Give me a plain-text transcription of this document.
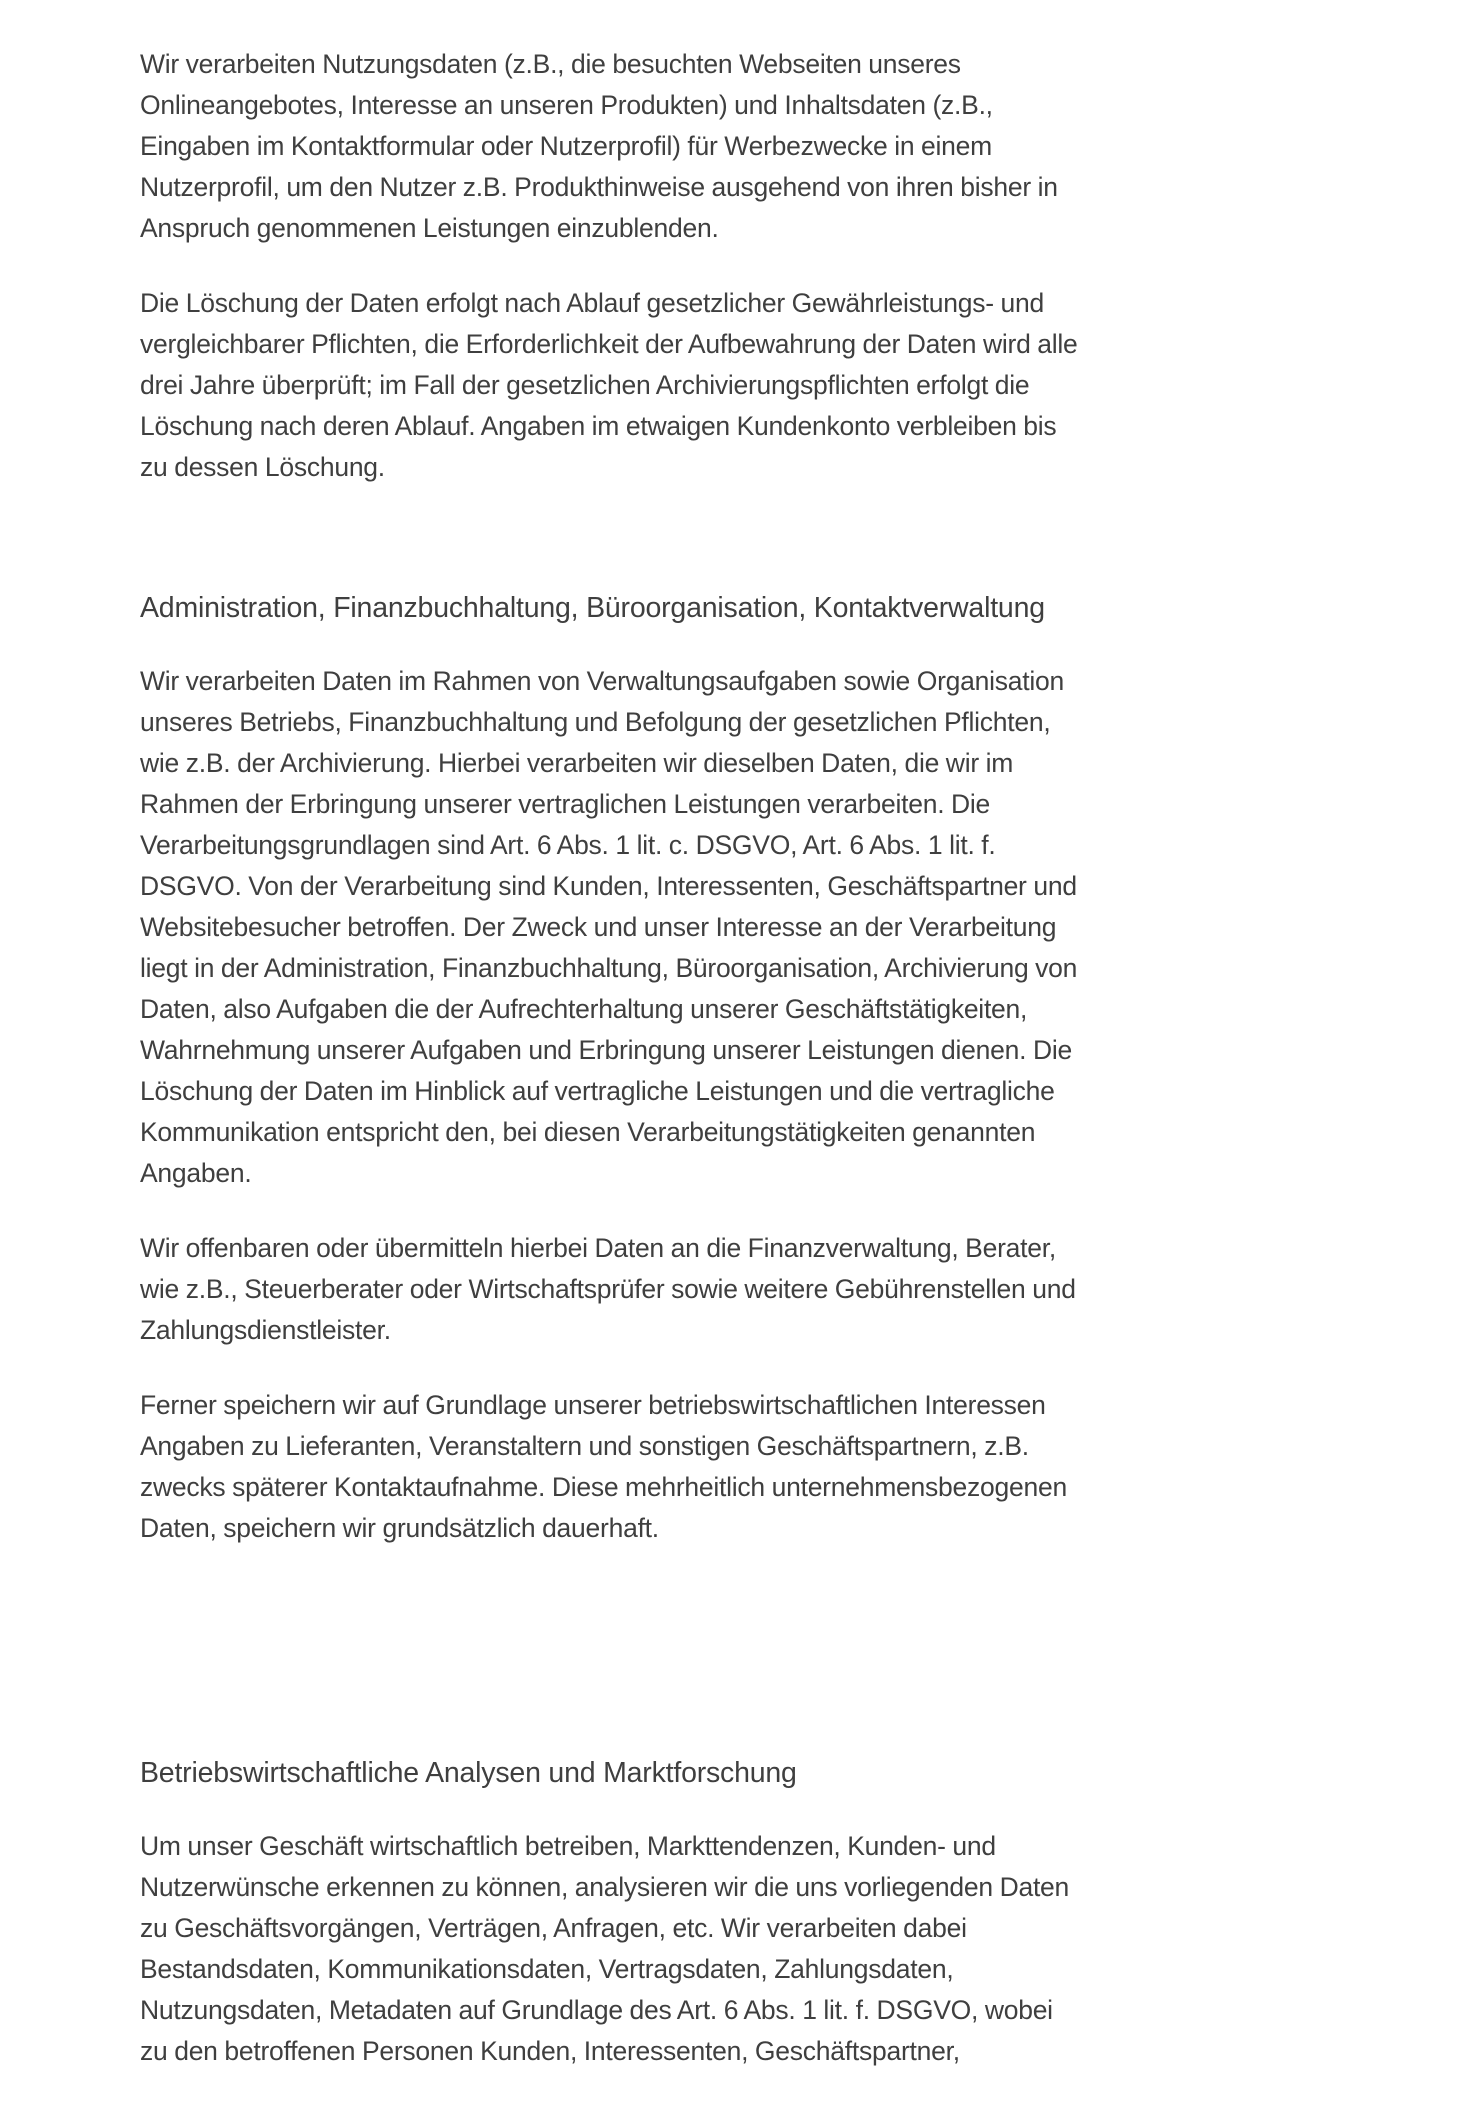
Wir verarbeiten Nutzungsdaten (z.B., die besuchten Webseiten unseres Onlineangebotes, Interesse an unseren Produkten) und Inhaltsdaten (z.B., Eingaben im Kontaktformular oder Nutzerprofil) für Werbezwecke in einem Nutzerprofil, um den Nutzer z.B. Produkthinweise ausgehend von ihren bisher in Anspruch genommenen Leistungen einzublenden.

Die Löschung der Daten erfolgt nach Ablauf gesetzlicher Gewährleistungs- und vergleichbarer Pflichten, die Erforderlichkeit der Aufbewahrung der Daten wird alle drei Jahre überprüft; im Fall der gesetzlichen Archivierungspflichten erfolgt die Löschung nach deren Ablauf. Angaben im etwaigen Kundenkonto verbleiben bis zu dessen Löschung.

Administration, Finanzbuchhaltung, Büroorganisation, Kontaktverwaltung

Wir verarbeiten Daten im Rahmen von Verwaltungsaufgaben sowie Organisation unseres Betriebs, Finanzbuchhaltung und Befolgung der gesetzlichen Pflichten, wie z.B. der Archivierung. Hierbei verarbeiten wir dieselben Daten, die wir im Rahmen der Erbringung unserer vertraglichen Leistungen verarbeiten. Die Verarbeitungsgrundlagen sind Art. 6 Abs. 1 lit. c. DSGVO, Art. 6 Abs. 1 lit. f. DSGVO. Von der Verarbeitung sind Kunden, Interessenten, Geschäftspartner und Websitebesucher betroffen. Der Zweck und unser Interesse an der Verarbeitung liegt in der Administration, Finanzbuchhaltung, Büroorganisation, Archivierung von Daten, also Aufgaben die der Aufrechterhaltung unserer Geschäftstätigkeiten, Wahrnehmung unserer Aufgaben und Erbringung unserer Leistungen dienen. Die Löschung der Daten im Hinblick auf vertragliche Leistungen und die vertragliche Kommunikation entspricht den, bei diesen Verarbeitungstätigkeiten genannten Angaben.

Wir offenbaren oder übermitteln hierbei Daten an die Finanzverwaltung, Berater, wie z.B., Steuerberater oder Wirtschaftsprüfer sowie weitere Gebührenstellen und Zahlungsdienstleister.

Ferner speichern wir auf Grundlage unserer betriebswirtschaftlichen Interessen Angaben zu Lieferanten, Veranstaltern und sonstigen Geschäftspartnern, z.B. zwecks späterer Kontaktaufnahme. Diese mehrheitlich unternehmensbezogenen Daten, speichern wir grundsätzlich dauerhaft.

Betriebswirtschaftliche Analysen und Marktforschung

Um unser Geschäft wirtschaftlich betreiben, Markttendenzen, Kunden- und Nutzerwünsche erkennen zu können, analysieren wir die uns vorliegenden Daten zu Geschäftsvorgängen, Verträgen, Anfragen, etc. Wir verarbeiten dabei Bestandsdaten, Kommunikationsdaten, Vertragsdaten, Zahlungsdaten, Nutzungsdaten, Metadaten auf Grundlage des Art. 6 Abs. 1 lit. f. DSGVO, wobei zu den betroffenen Personen Kunden, Interessenten, Geschäftspartner,
